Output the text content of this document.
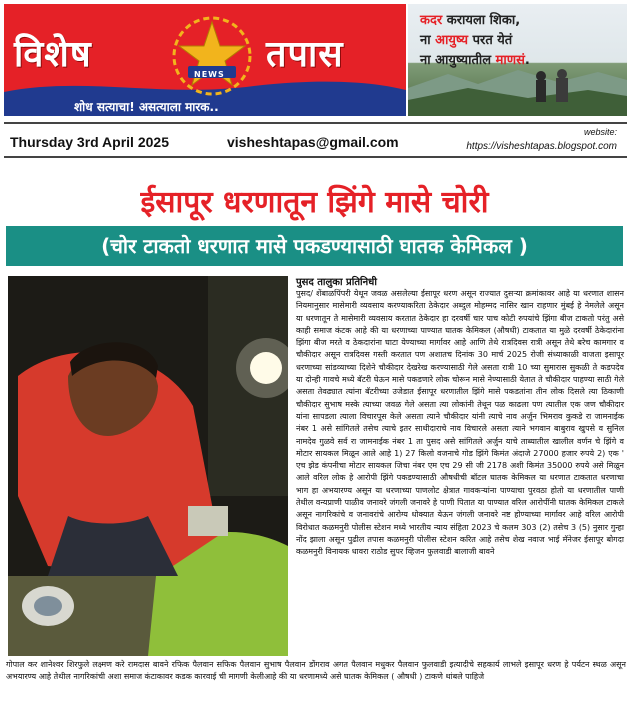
NEWS
विशेष	तपास
शोध सत्याचा! असत्याला मारक..
कदर करायला शिका,
ना आयुष्य परत येतं
ना आयुष्यातील माणसं.
Thursday 3rd April 2025	visheshtapas@gmail.com
website:
https://visheshtapas.blogspot.com
ईसापूर धरणातून झिंगे मासे चोरी
(चोर टाकतो धरणात मासे पकडण्यासाठी घातक केमिकल )
पुसद तालुका प्रतिनिधी

पुसद/ शेंबाळपिंपरी येथून जवळ असलेल्या ईसापूर धरण असून राज्यात दुसऱ्या क्रमांकावर आहे या धरणात शासन नियमानुसार मासेमारी व्यवसाय करण्याकरिता ठेकेदार अब्दुल मोहम्मद नासिर खान राहणार मुंबई हे नेमलेले असून या धरणातून ते मासेमारी व्यवसाय करतात ठेकेदार हा दरवर्षी चार पाच कोटी रुपयांचे झिंगा बीज टाकतो परंतु असे काही समाज कंटक आहे की या धरणाच्या पाण्यात घातक केमिकल (औषधी) टाकतात या मुळे दरवर्षी ठेकेदारांना झिंगा बीज मरते व ठेकदारांना घाटा येण्याच्या मार्गावर आहे आणि तेथे रात्रदिवस रात्री असून तेथे बरेच कामगार व चौकीदार असून रात्रदिवस गस्ती करतात पण अशातच दिनांक 30 मार्च 2025 रोजी संध्याकाळी वाजता इसापूर धरणाच्या सांडव्याच्या दिशेने चौकीदार देखरेख करण्यासाठी गेले असता रात्री 10 च्या सुमारास सुकळी ते कडपदेव या दोन्ही गावचे मध्ये बॅटरी घेऊन मासे पकडणारे लोक चोरून मासे नेण्यासाठी येतात ते चौकीदार पाहण्या साठी गेले असता तेवढ्यात त्यांना बॅटरीच्या उजेडात ईसापूर धरणातील झिंगे मासे पकडतांना तीन लोक दिसले त्या ठिकाणी चौकीदार सुभाष मस्के त्याच्या जवळ गेले असता त्या लोकांनी तेथून पळ काढला पण त्यातील एक जण चौकीदार यांना सापडला त्याला विचारपूस केले असता त्याने चौकीदार यांनी त्याचे नाव अर्जुन भिमराव कुकडे रा जामनाईक नंबर 1 असे सांगितले तसेच त्याचे इतर साथीदाराचे नाव विचारले असता त्याने भगवान बाबुराव खुपसे व सुनिल नामदेव गुळवे सर्व रा जामनाईक नंबर 1 ता पुसद असे सांगितले अर्जुन याचे ताब्यातील खालील वर्णन चे झिंगे व मोटार सायकल मिळून आले आहे 1) 27 किलो वजनाचे गोड झिंगे किमंत अंदाजे 27000 हजार रुपये 2) एक ' एच झेड कंपनीचा मोटार सायकल जिचा नंबर एम एच 29 सी जी 2178 अशी किमंत 35000 रुपये असे मिळून आले वरिल लोक हे आरोपी झिंगे पकडण्यासाठी औषधीची बॉटल घातक केमिकल या धरणात टाकतात धरणाचा भाग हा अभयारण्य असून या धरणाच्या पाणलोट क्षेत्रात गावकऱ्यांना पाण्याचा पुरवठा होतो या धरणातील पाणी तेथील वन्यप्राणी पाळीव जनावरे जंगली जनावरे हे पाणी पितात या पाण्यात वरिल आरोपींनी घातक केमिकल टाकले असून नागरिकांचे व जनावरांचे आरोग्य धोक्यात येऊन जंगली जनावरे नष्ट होण्याच्या मार्गावर आहे वरिल आरोपी विरोधात कळमनुरी पोलीस स्टेशन मध्ये भारतीय न्याय संहिता 2023 चे कलम 303 (2) तसेच 3 (5) नुसार गुन्हा नोंद झाला असून पुढील तपास कळमनुरी पोलीस स्टेशन करित आहे तसेच शेख नवाज भाई मॅनेजर ईसापूर बोगदा कळमनुरी विनायक धावरा राठोड सुपर व्हिजन फुलवाडी बालाजी बावने

गोपाल कर शानेश्वर शिरफुले लक्ष्मण करे रामदास बावने रफिक पैलवान सफिक पैलवान सुभाष पैलवान डोंगराव अगत पैलवान मधुकर पैलवान फुलवाडी इत्यादीचे सहकार्य लाभले इसापूर धरण हे पर्यटन स्थळ असून अभयारण्य आहे तेथील नागरिकांची अशा समाज कंटाकावर कडक कारवाई ची मागणी केलीआहे की या धरणामध्ये असे घातक केमिकल ( औषधी ) टाकणे थांबले पाहिजे
